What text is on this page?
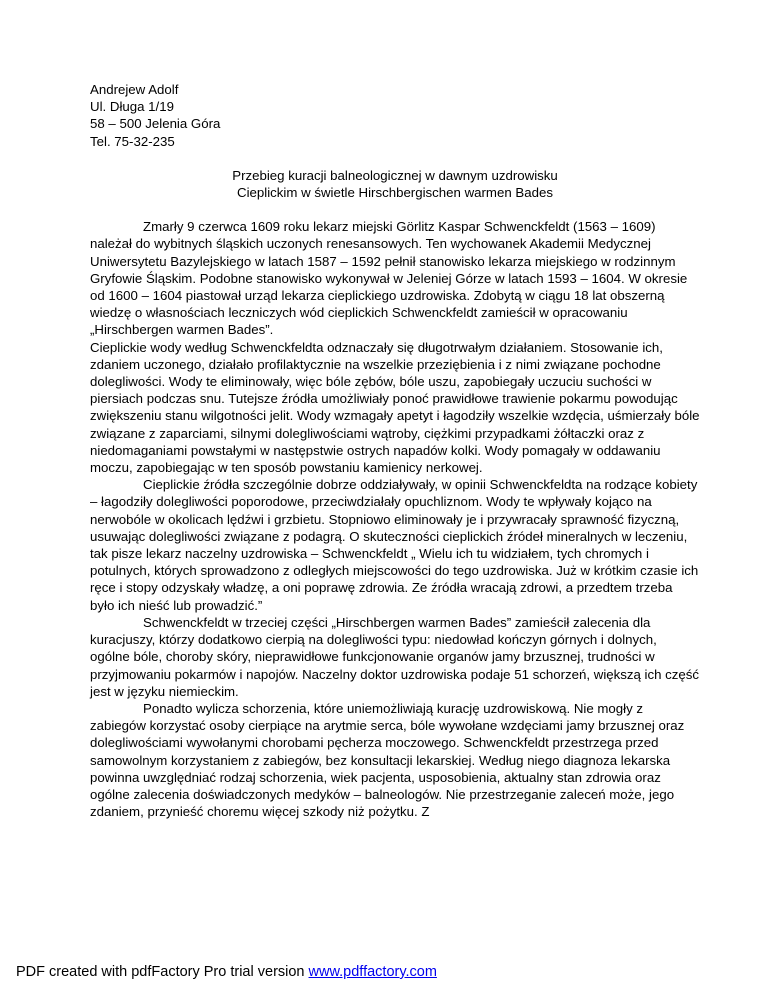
Andrejew Adolf
Ul. Długa 1/19
58 – 500 Jelenia Góra
Tel. 75-32-235
Przebieg kuracji balneologicznej w dawnym uzdrowisku
Cieplickim w świetle Hirschbergischen warmen Bades

Zmarły 9 czerwca 1609 roku lekarz miejski Görlitz Kaspar Schwenckfeldt (1563 – 1609) należał do wybitnych śląskich uczonych renesansowych. Ten wychowanek Akademii Medycznej Uniwersytetu Bazylejskiego w latach 1587 – 1592 pełnił stanowisko lekarza miejskiego w rodzinnym Gryfowie Śląskim. Podobne stanowisko wykonywał w Jeleniej Górze w latach 1593 – 1604. W okresie od 1600 – 1604 piastował urząd lekarza cieplickiego uzdrowiska. Zdobytą w ciągu 18 lat obszerną wiedzę o własnościach leczniczych wód cieplickich Schwenckfeldt zamieścił w opracowaniu „Hirschbergen warmen Bades”.

Cieplickie wody według Schwenckfeldta odznaczały się długotrwałym działaniem. Stosowanie ich, zdaniem uczonego, działało profilaktycznie na wszelkie przeziębienia i z nimi związane pochodne dolegliwości. Wody te eliminowały, więc bóle zębów, bóle uszu, zapobiegały uczuciu suchości w piersiach podczas snu. Tutejsze źródła umożliwiały ponoć prawidłowe trawienie pokarmu powodując zwiększeniu stanu wilgotności jelit. Wody wzmagały apetyt i łagodziły wszelkie wzdęcia, uśmierzały bóle związane z zaparciami, silnymi dolegliwościami wątroby, ciężkimi przypadkami żółtaczki oraz z niedomaganiami powstałymi w następstwie ostrych napadów kolki. Wody pomagały w oddawaniu moczu, zapobiegając w ten sposób powstaniu kamienicy nerkowej.

Cieplickie źródła szczególnie dobrze oddziaływały, w opinii Schwenckfeldta na rodzące kobiety – łagodziły dolegliwości poporodowe, przeciwdziałały opuchliznom. Wody te wpływały kojąco na nerwobóle w okolicach lędźwi i grzbietu. Stopniowo eliminowały je i przywracały sprawność fizyczną, usuwając dolegliwości związane z podagrą. O skuteczności cieplickich źródeł mineralnych w leczeniu, tak pisze lekarz naczelny uzdrowiska – Schwenckfeldt „ Wielu ich tu widziałem, tych chromych i potulnych, których sprowadzono z odległych miejscowości do tego uzdrowiska. Już w krótkim czasie ich ręce i stopy odzyskały władzę, a oni poprawę zdrowia. Ze źródła wracają zdrowi, a przedtem trzeba było ich nieść lub prowadzić.”

Schwenckfeldt w trzeciej części „Hirschbergen warmen Bades” zamieścił zalecenia dla kuracjuszy, którzy dodatkowo cierpią na dolegliwości typu: niedowład kończyn górnych i dolnych, ogólne bóle, choroby skóry, nieprawidłowe funkcjonowanie organów jamy brzusznej, trudności w przyjmowaniu pokarmów i napojów. Naczelny doktor uzdrowiska podaje 51 schorzeń, większą ich część jest w języku niemieckim.

Ponadto wylicza schorzenia, które uniemożliwiają kurację uzdrowiskową. Nie mogły z zabiegów korzystać osoby cierpiące na arytmie serca, bóle wywołane wzdęciami jamy brzusznej oraz dolegliwościami wywołanymi chorobami pęcherza moczowego. Schwenckfeldt przestrzega przed samowolnym korzystaniem z zabiegów, bez konsultacji lekarskiej. Według niego diagnoza lekarska powinna uwzględniać rodzaj schorzenia, wiek pacjenta, usposobienia, aktualny stan zdrowia oraz ogólne zalecenia doświadczonych medyków – balneologów. Nie przestrzeganie zaleceń może, jego zdaniem, przynieść choremu więcej szkody niż pożytku. Z

PDF created with pdfFactory Pro trial version www.pdffactory.com
